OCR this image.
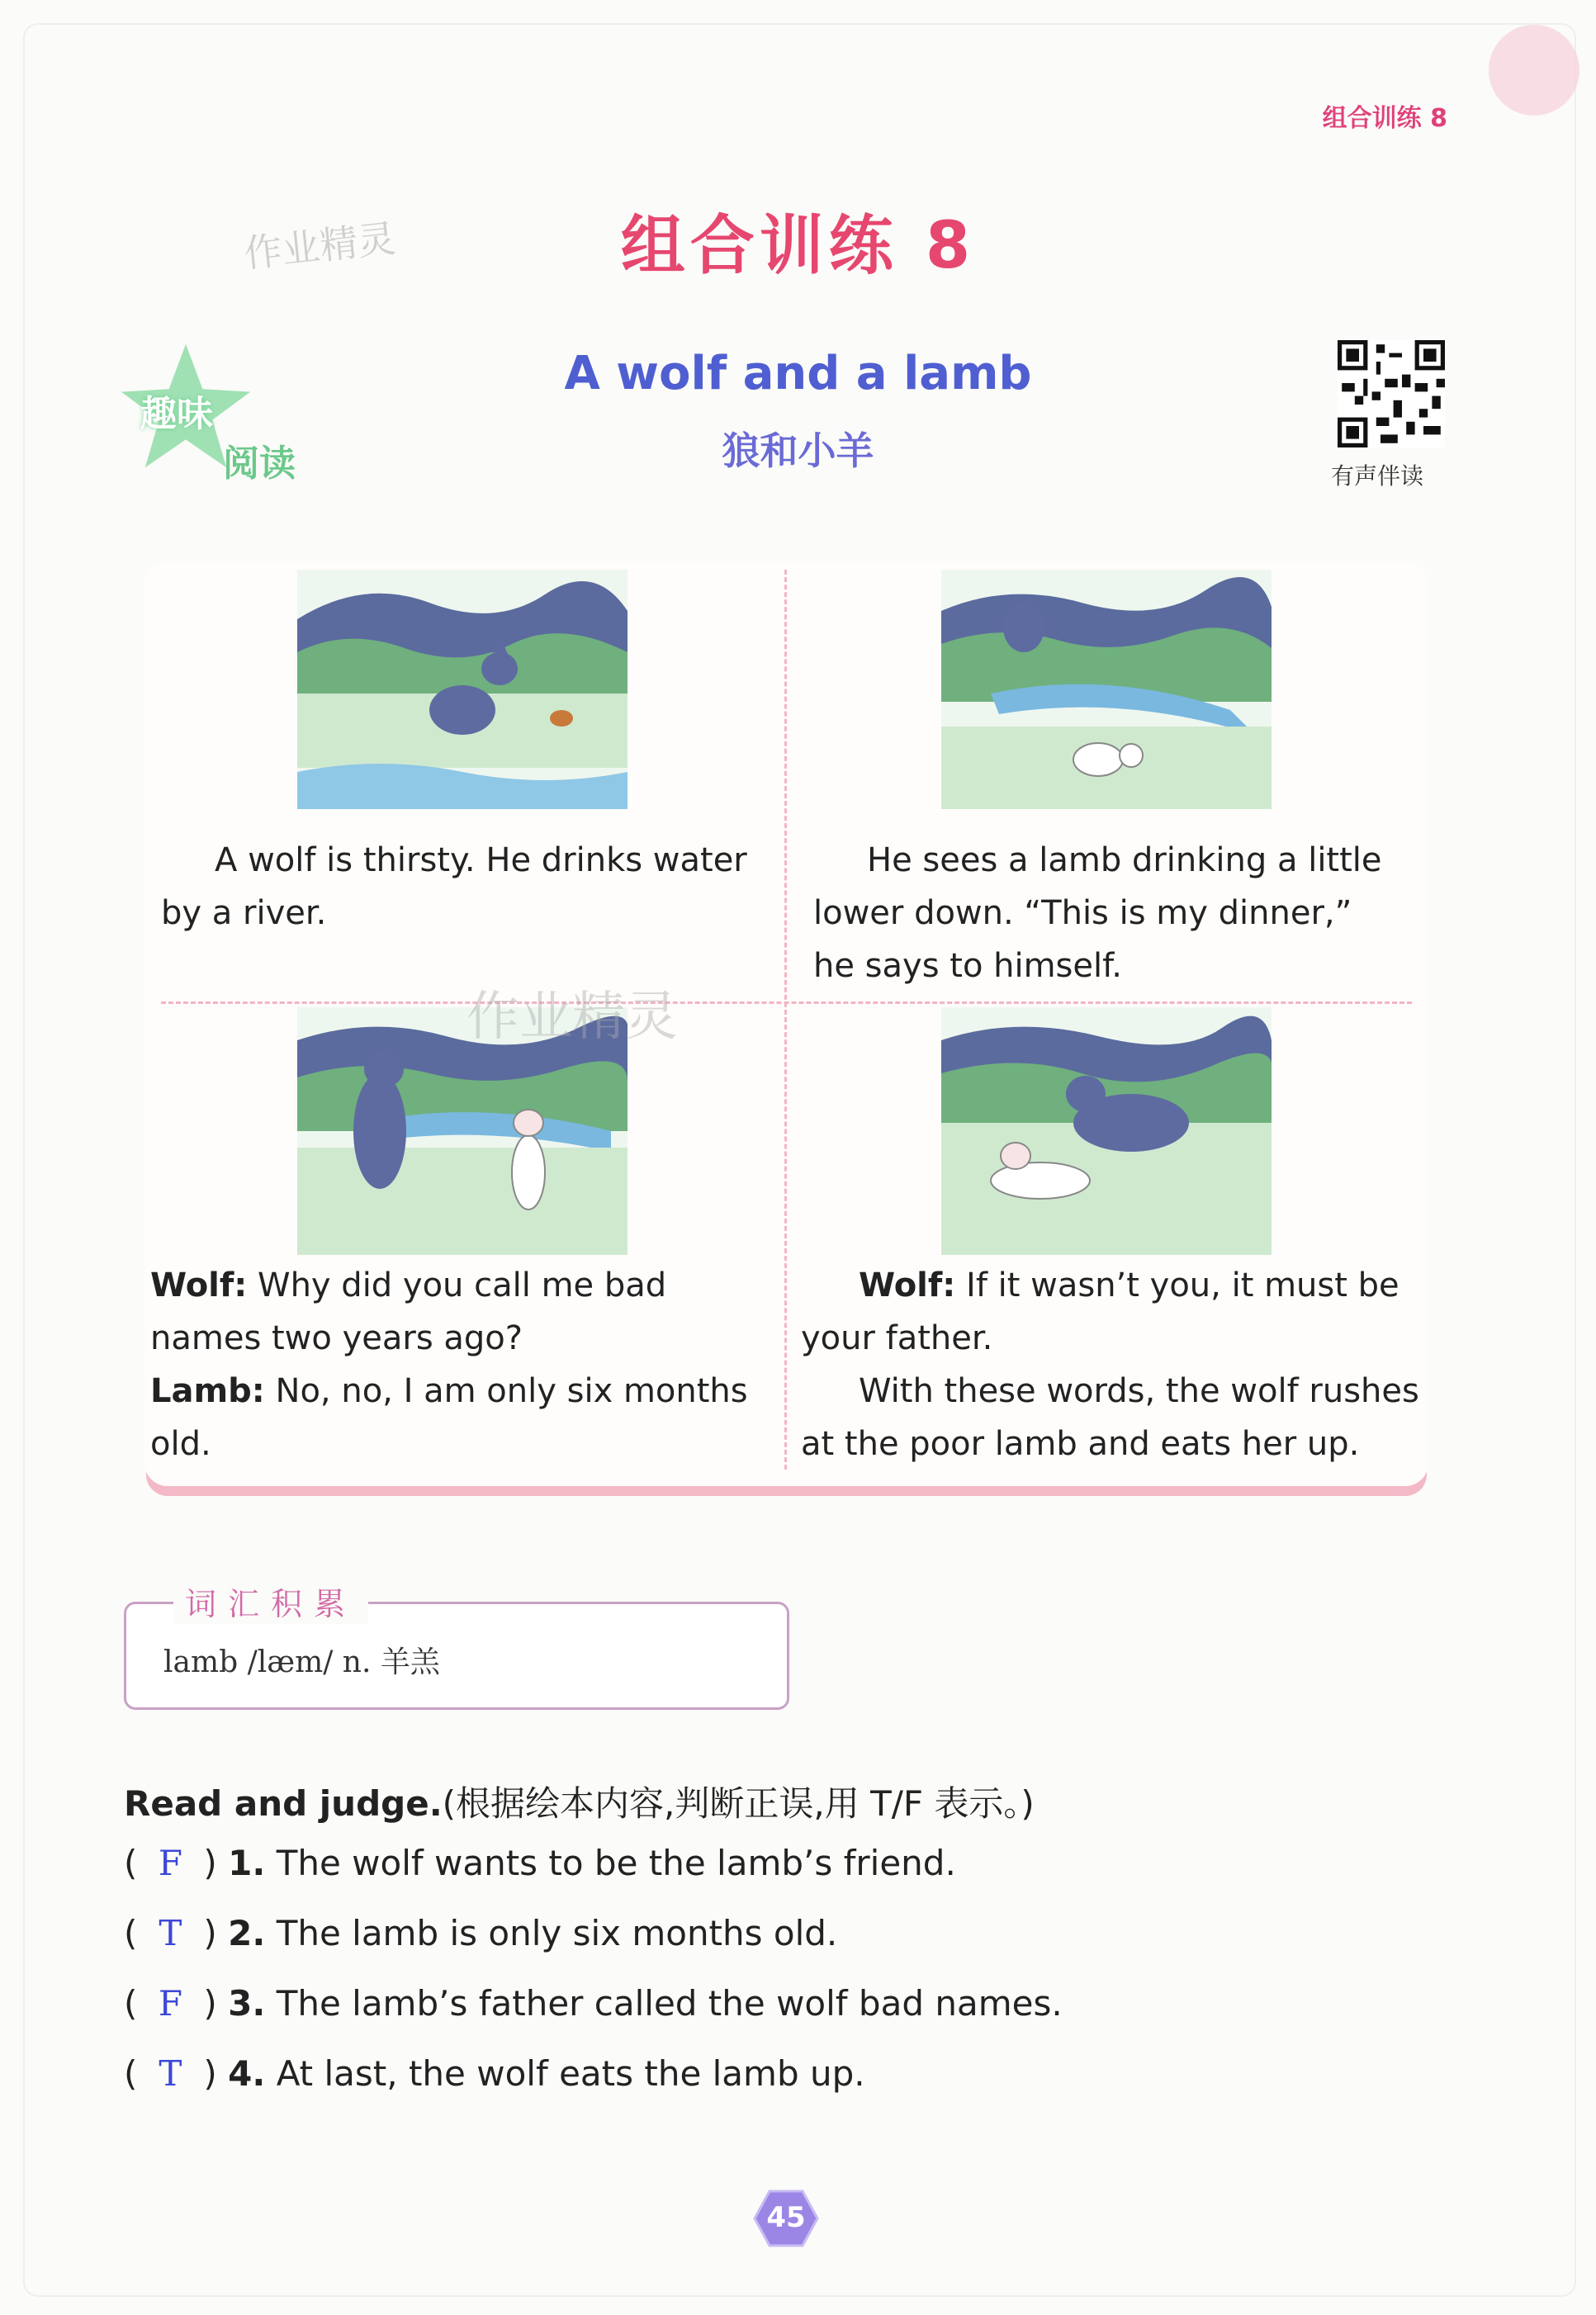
组合训练 8
作业精灵	组合训练 8
趣味
阅读
A wolf and a lamb
狼和小羊
有声伴读
A wolf is thirsty. He drinks water
by a river.
He sees a lamb drinking a little
lower down. “This is my dinner,”
he says to himself.
Wolf: Why did you call me bad
names two years ago?
Lamb: No, no, I am only six months old.
Wolf: If it wasn’t you, it must be
your father.
With these words, the wolf rushes
at the poor lamb and eats her up.
作业精灵
词汇积累
lamb /læm/ n. 羊羔
Read and judge.(根据绘本内容,判断正误,用 T/F 表示。)
( F ) 1. The wolf wants to be the lamb’s friend.
( T ) 2. The lamb is only six months old.
( F ) 3. The lamb’s father called the wolf bad names.
( T ) 4. At last, the wolf eats the lamb up.
45
